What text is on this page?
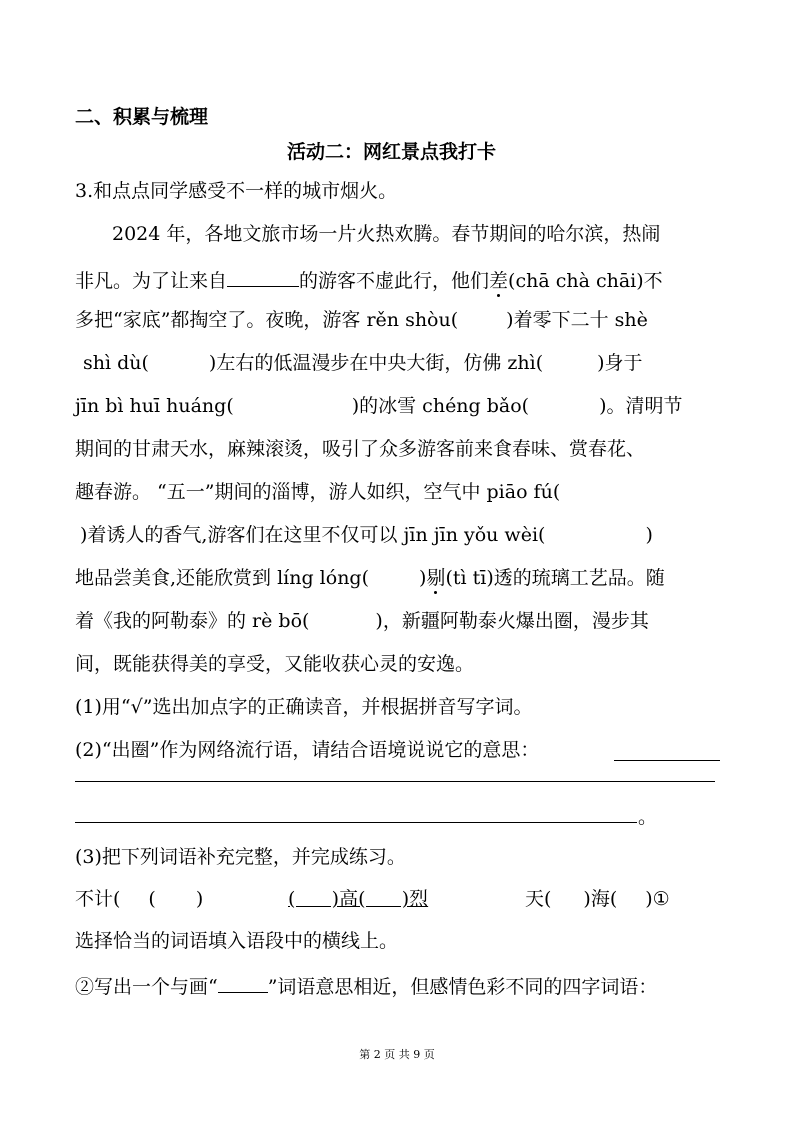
二、积累与梳理
活动二：网红景点我打卡
3.和点点同学感受不一样的城市烟火。
2024 年，各地文旅市场一片火热欢腾。春节期间的哈尔滨，热闹
非凡。为了让来自	的游客不虚此行，他们差(chā chà chāi)不
多把“家底”都掏空了。夜晚，游客 rěn shòu(	)着零下二十 shè
shì dù(	)左右的低温漫步在中央大街，仿佛 zhì(	)身于
jīn bì huī huáng(	)的冰雪 chéng bǎo(	)。清明节
期间的甘肃天水，麻辣滚烫，吸引了众多游客前来食春味、赏春花、
趣春游。 “五一”期间的淄博，游人如织，空气中 piāo fú(
)着诱人的香气,游客们在这里不仅可以 jīn jīn yǒu wèi(	)
地品尝美食,还能欣赏到 líng lóng(	)剔(tì tī)透的琉璃工艺品。随
着《我的阿勒泰》的 rè bō(	)，新疆阿勒泰火爆出圈，漫步其
间，既能获得美的享受，又能收获心灵的安逸。
(1)用“√”选出加点字的正确读音，并根据拼音写字词。
(2)“出圈”作为网络流行语，请结合语境说说它的意思：
。
(3)把下列词语补充完整，并完成练习。
不计( ( )	(      )高(      )烈	天( )海( )①
选择恰当的词语填入语段中的横线上。
②写出一个与画“	”词语意思相近，但感情色彩不同的四字词语：
第 2 页 共 9 页
